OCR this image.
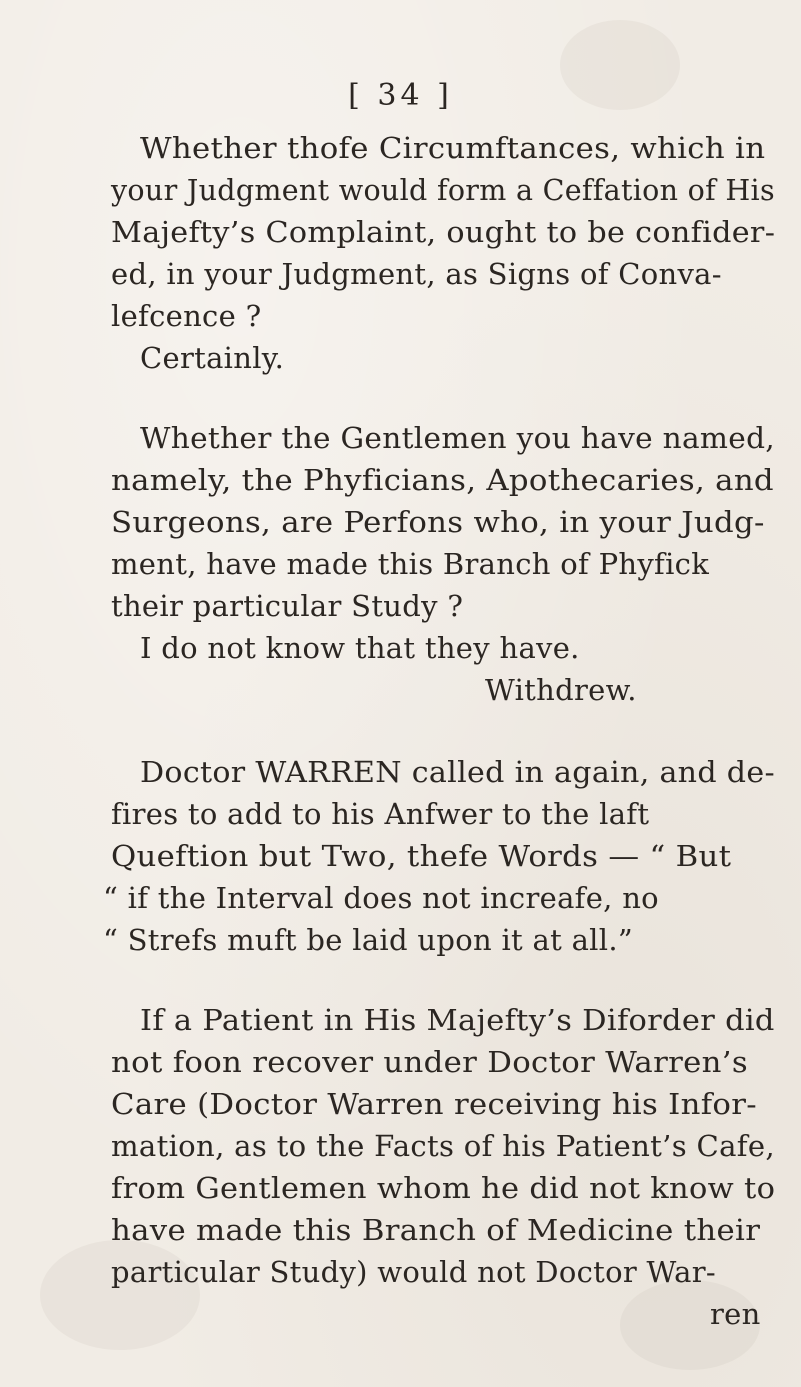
[ 34 ]
Whether thofe Circumftances, which in
your Judgment would form a Ceffation of His
Majefty’s Complaint, ought to be confider-
ed, in your Judgment, as Signs of Conva-
lefcence ?
Certainly.
Whether the Gentlemen you have named,
namely, the Phyficians, Apothecaries, and
Surgeons, are Perfons who, in your Judg-
ment, have made this Branch of Phyfick
their particular Study ?
I do not know that they have.
Withdrew.
Doctor WARREN called in again, and de-
fires to add to his Anfwer to the laft
Queftion but Two, thefe Words — “ But
“ if the Interval does not increafe, no
“ Strefs muft be laid upon it at all.”
If a Patient in His Majefty’s Diforder did
not foon recover under Doctor Warren’s
Care (Doctor Warren receiving his Infor-
mation, as to the Facts of his Patient’s Cafe,
from Gentlemen whom he did not know to
have made this Branch of Medicine their
particular Study) would not Doctor War-
ren
